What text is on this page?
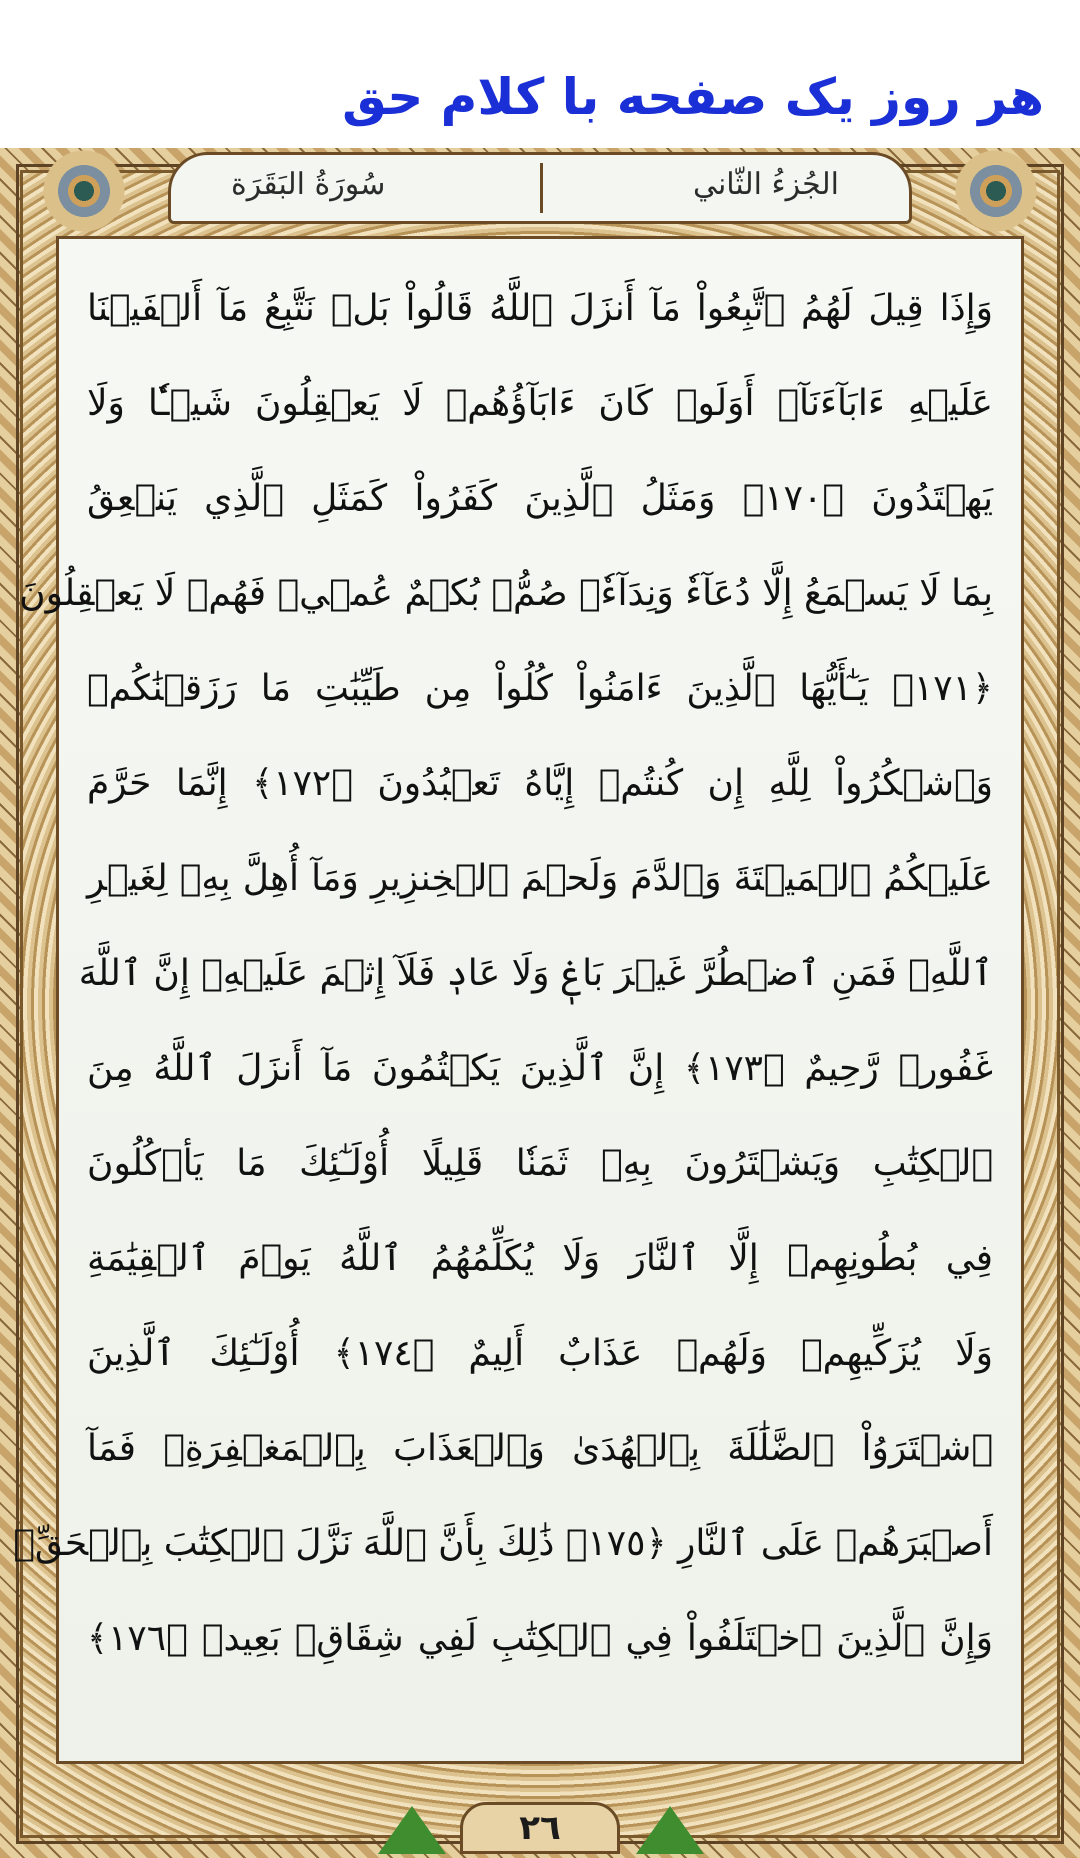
هر روز یک صفحه با کلام حق
الجُزءُ الثّاني
سُورَةُ البَقَرَة
وَإِذَا قِيلَ لَهُمُ ٱتَّبِعُواْ مَآ أَنزَلَ ٱللَّهُ قَالُواْ بَلۡ نَتَّبِعُ مَآ أَلۡفَيۡنَا
عَلَيۡهِ ءَابَآءَنَآۚ أَوَلَوۡ كَانَ ءَابَآؤُهُمۡ لَا يَعۡقِلُونَ شَيۡـٔٗا وَلَا
يَهۡتَدُونَ ﴿١٧٠﴾ وَمَثَلُ ٱلَّذِينَ كَفَرُواْ كَمَثَلِ ٱلَّذِي يَنۡعِقُ
بِمَا لَا يَسۡمَعُ إِلَّا دُعَآءٗ وَنِدَآءٗۚ صُمُّۢ بُكۡمٌ عُمۡيٞ فَهُمۡ لَا يَعۡقِلُونَ
﴿١٧١﴾ يَـٰٓأَيُّهَا ٱلَّذِينَ ءَامَنُواْ كُلُواْ مِن طَيِّبَٰتِ مَا رَزَقۡنَٰكُمۡ
وَٱشۡكُرُواْ لِلَّهِ إِن كُنتُمۡ إِيَّاهُ تَعۡبُدُونَ ﴿١٧٢﴾ إِنَّمَا حَرَّمَ
عَلَيۡكُمُ ٱلۡمَيۡتَةَ وَٱلدَّمَ وَلَحۡمَ ٱلۡخِنزِيرِ وَمَآ أُهِلَّ بِهِۦ لِغَيۡرِ
ٱللَّهِۖ فَمَنِ ٱضۡطُرَّ غَيۡرَ بَاغٖ وَلَا عَادٖ فَلَآ إِثۡمَ عَلَيۡهِۚ إِنَّ ٱللَّهَ
غَفُورٞ رَّحِيمٌ ﴿١٧٣﴾ إِنَّ ٱلَّذِينَ يَكۡتُمُونَ مَآ أَنزَلَ ٱللَّهُ مِنَ
ٱلۡكِتَٰبِ وَيَشۡتَرُونَ بِهِۦ ثَمَنٗا قَلِيلًا أُوْلَـٰٓئِكَ مَا يَأۡكُلُونَ
فِي بُطُونِهِمۡ إِلَّا ٱلنَّارَ وَلَا يُكَلِّمُهُمُ ٱللَّهُ يَوۡمَ ٱلۡقِيَٰمَةِ
وَلَا يُزَكِّيهِمۡ وَلَهُمۡ عَذَابٌ أَلِيمٌ ﴿١٧٤﴾ أُوْلَـٰٓئِكَ ٱلَّذِينَ
ٱشۡتَرَوُاْ ٱلضَّلَٰلَةَ بِٱلۡهُدَىٰ وَٱلۡعَذَابَ بِٱلۡمَغۡفِرَةِۚ فَمَآ
أَصۡبَرَهُمۡ عَلَى ٱلنَّارِ ﴿١٧٥﴾ ذَٰلِكَ بِأَنَّ ٱللَّهَ نَزَّلَ ٱلۡكِتَٰبَ بِٱلۡحَقِّۗ
وَإِنَّ ٱلَّذِينَ ٱخۡتَلَفُواْ فِي ٱلۡكِتَٰبِ لَفِي شِقَاقِۭ بَعِيدٖ ﴿١٧٦﴾
٢٦
